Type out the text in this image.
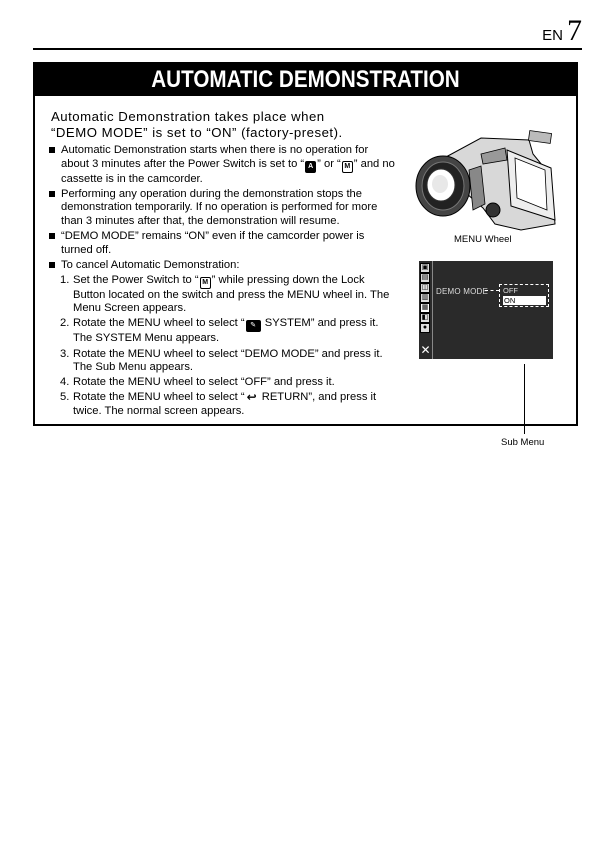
EN 7
AUTOMATIC DEMONSTRATION
Automatic Demonstration takes place when “DEMO MODE” is set to “ON” (factory-preset).
Automatic Demonstration starts when there is no operation for about 3 minutes after the Power Switch is set to “ A ” or “ M ” and no cassette is in the camcorder.
Performing any operation during the demonstration stops the demonstration temporarily. If no operation is performed for more than 3 minutes after that, the demonstration will resume.
“DEMO MODE” remains “ON” even if the camcorder power is turned off.
To cancel Automatic Demonstration:
1. Set the Power Switch to “ M ” while pressing down the Lock Button located on the switch and press the MENU wheel in. The Menu Screen appears.
2. Rotate the MENU wheel to select “ ✎ SYSTEM” and press it. The SYSTEM Menu appears.
3. Rotate the MENU wheel to select “DEMO MODE” and press it. The Sub Menu appears.
4. Rotate the MENU wheel to select “OFF” and press it.
5. Rotate the MENU wheel to select “ ↩ RETURN”, and press it twice. The normal screen appears.
MENU Wheel
▣
▤
◫
▥
▦
◧
●
✕
DEMO MODE OFF
ON
Sub Menu
